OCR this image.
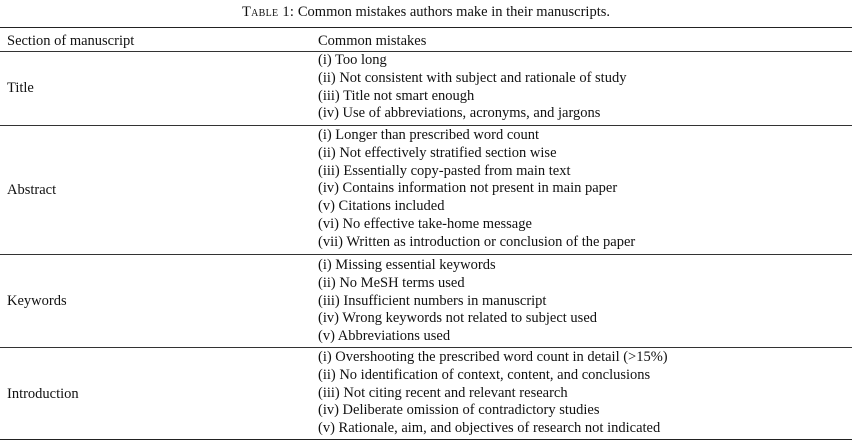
Table 1: Common mistakes authors make in their manuscripts.
Section of manuscript	Common mistakes
Title
(i) Too long
(ii) Not consistent with subject and rationale of study
(iii) Title not smart enough
(iv) Use of abbreviations, acronyms, and jargons
Abstract
(i) Longer than prescribed word count
(ii) Not effectively stratified section wise
(iii) Essentially copy-pasted from main text
(iv) Contains information not present in main paper
(v) Citations included
(vi) No effective take-home message
(vii) Written as introduction or conclusion of the paper
Keywords
(i) Missing essential keywords
(ii) No MeSH terms used
(iii) Insufficient numbers in manuscript
(iv) Wrong keywords not related to subject used
(v) Abbreviations used
Introduction
(i) Overshooting the prescribed word count in detail (>15%)
(ii) No identification of context, content, and conclusions
(iii) Not citing recent and relevant research
(iv) Deliberate omission of contradictory studies
(v) Rationale, aim, and objectives of research not indicated
